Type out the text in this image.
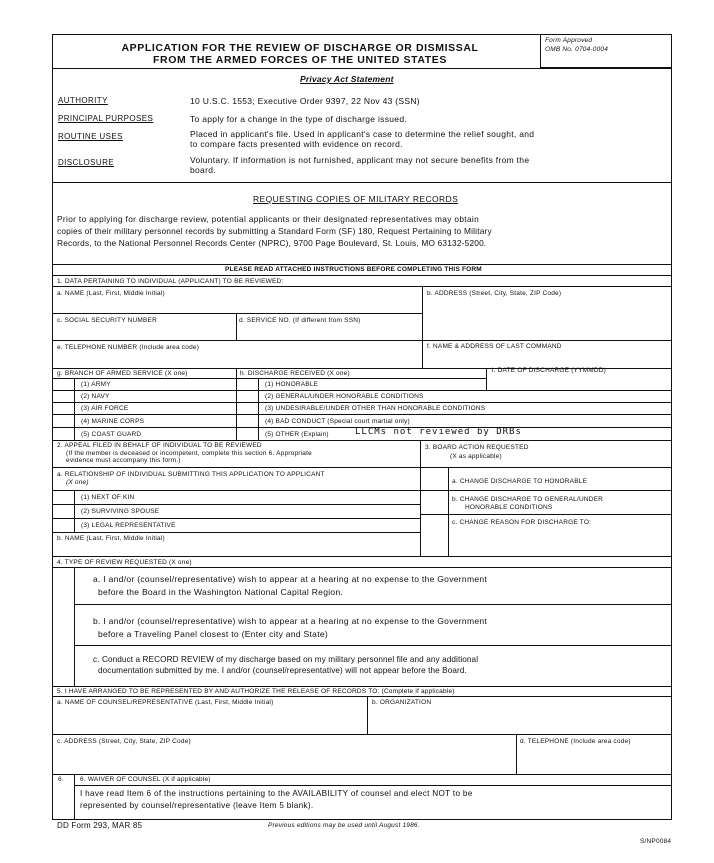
APPLICATION FOR THE REVIEW OF DISCHARGE OR DISMISSAL
FROM THE ARMED FORCES OF THE UNITED STATES
Form Approved
OMB No. 0704-0004
Privacy Act Statement
AUTHORITY	10 U.S.C. 1553; Executive Order 9397, 22 Nov 43 (SSN)
PRINCIPAL PURPOSES	To apply for a change in the type of discharge issued.
ROUTINE USES	Placed in applicant's file. Used in applicant's case to determine the relief sought, and
to compare facts presented with evidence on record.
DISCLOSURE	Voluntary. If information is not furnished, applicant may not secure benefits from the
board.
REQUESTING COPIES OF MILITARY RECORDS
Prior to applying for discharge review, potential applicants or their designated representatives may obtain
copies of their military personnel records by submitting a Standard Form (SF) 180, Request Pertaining to Military
Records, to the National Personnel Records Center (NPRC), 9700 Page Boulevard, St. Louis, MO 63132-5200.
PLEASE READ ATTACHED INSTRUCTIONS BEFORE COMPLETING THIS FORM
1. DATA PERTAINING TO INDIVIDUAL (APPLICANT) TO BE REVIEWED:
a. NAME (Last, First, Middle Initial)	b. ADDRESS (Street, City, State, ZIP Code)
c. SOCIAL SECURITY NUMBER	d. SERVICE NO. (If different from SSN)
e. TELEPHONE NUMBER (Include area code)	f. NAME & ADDRESS OF LAST COMMAND
g. BRANCH OF ARMED SERVICE (X one)
(1) ARMY
(2) NAVY
(3) AIR FORCE
(4) MARINE CORPS
(5) COAST GUARD
h. DISCHARGE RECEIVED (X one)	i. DATE OF DISCHARGE (YYMMDD)
(1) HONORABLE
(2) GENERAL/UNDER HONORABLE CONDITIONS
(3) UNDESIRABLE/UNDER OTHER THAN HONORABLE CONDITIONS
(4) BAD CONDUCT (Special court martial only)
(5) OTHER (Explain)	LLCMs not reviewed by DRBs
2. APPEAL FILED IN BEHALF OF INDIVIDUAL TO BE REVIEWED
(If the member is deceased or incompetent, complete this section 6. Appropriate
evidence must accompany this form.)
a. RELATIONSHIP OF INDIVIDUAL SUBMITTING THIS APPLICATION TO APPLICANT
(X one)
(1) NEXT OF KIN
(2) SURVIVING SPOUSE
(3) LEGAL REPRESENTATIVE
b. NAME (Last, First, Middle Initial)
3. BOARD ACTION REQUESTED
(X as applicable)
a. CHANGE DISCHARGE TO HONORABLE
b. CHANGE DISCHARGE TO GENERAL/UNDER
HONORABLE CONDITIONS
c. CHANGE REASON FOR DISCHARGE TO:
4. TYPE OF REVIEW REQUESTED (X one)
a. I and/or (counsel/representative) wish to appear at a hearing at no expense to the Government
before the Board in the Washington National Capital Region.
b. I and/or (counsel/representative) wish to appear at a hearing at no expense to the Government
before a Traveling Panel closest to (Enter city and State)
c. Conduct a RECORD REVIEW of my discharge based on my military personnel file and any additional
documentation submitted by me. I and/or (counsel/representative) will not appear before the Board.
5. I HAVE ARRANGED TO BE REPRESENTED BY AND AUTHORIZE THE RELEASE OF RECORDS TO: (Complete if applicable)
a. NAME OF COUNSEL/REPRESENTATIVE (Last, First, Middle Initial)	b. ORGANIZATION
c. ADDRESS (Street, City, State, ZIP Code)	d. TELEPHONE (Include area code)
6. 6. WAIVER OF COUNSEL (X if applicable)
I have read Item 6 of the instructions pertaining to the AVAILABILITY of counsel and elect NOT to be
represented by counsel/representative (leave Item 5 blank).
DD Form 293, MAR 85	Previous editions may be used until August 1986.
S/NP0084
